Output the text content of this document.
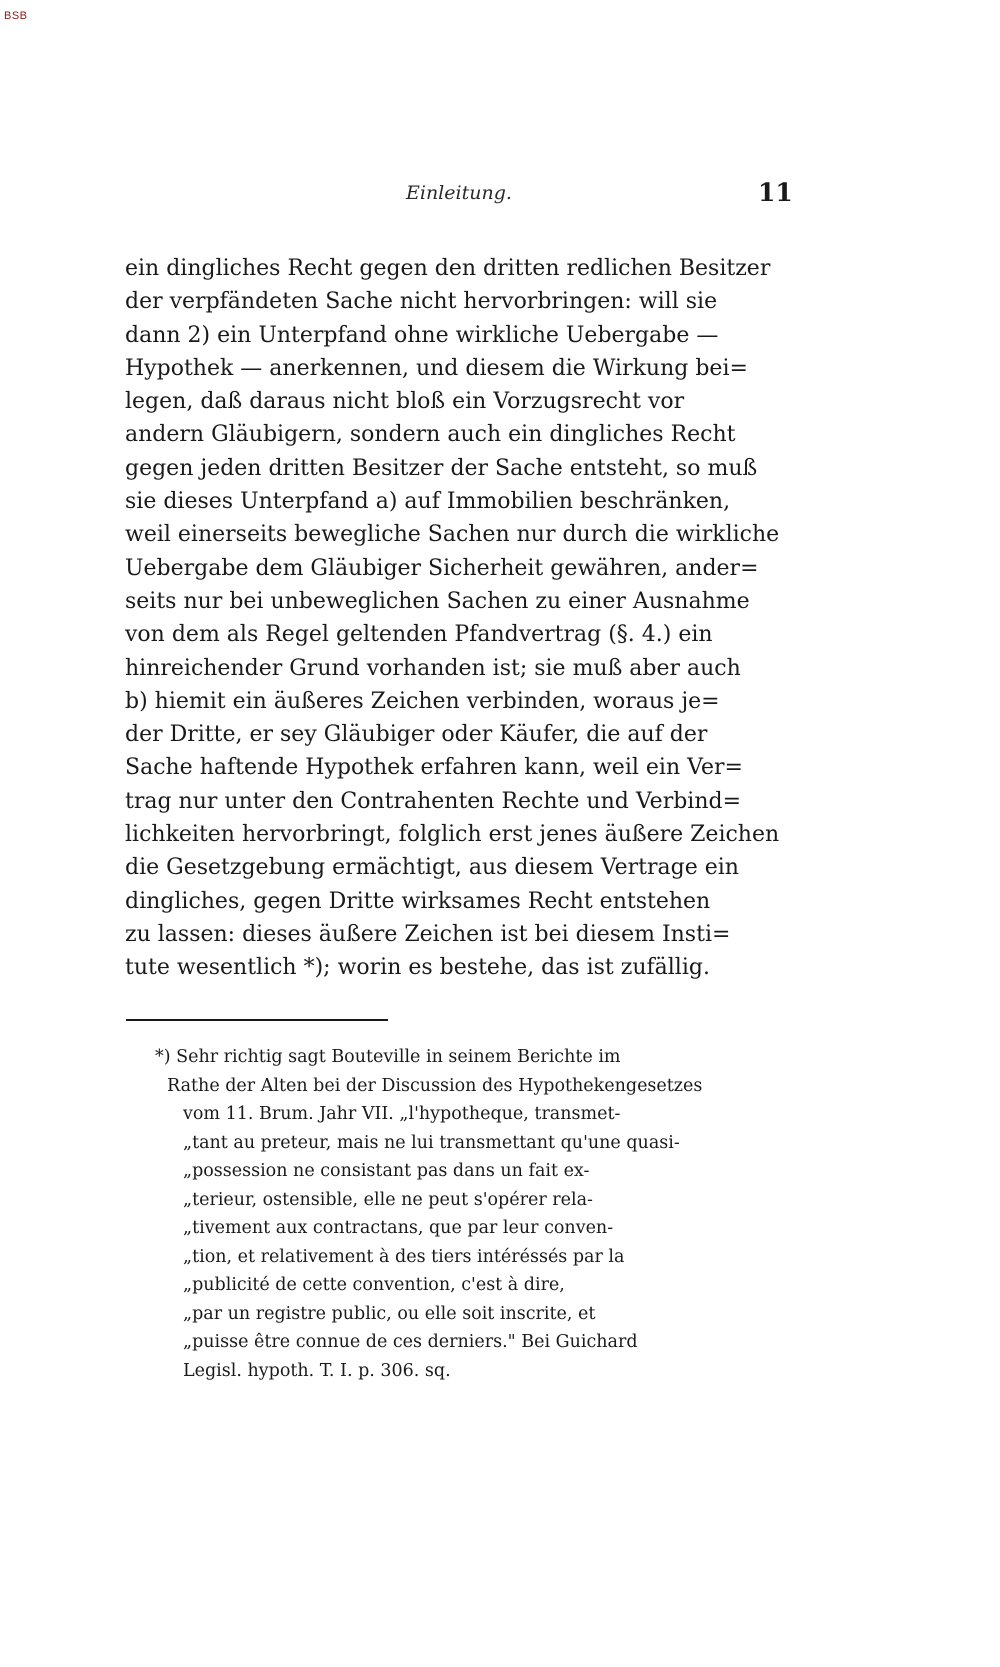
BSB
Einleitung.	11
ein dingliches Recht gegen den dritten redlichen Besitzer
der verpfändeten Sache nicht hervorbringen: will sie
dann 2) ein Unterpfand ohne wirkliche Uebergabe —
Hypothek — anerkennen, und diesem die Wirkung bei=
legen, daß daraus nicht bloß ein Vorzugsrecht vor
andern Gläubigern, sondern auch ein dingliches Recht
gegen jeden dritten Besitzer der Sache entsteht, so muß
sie dieses Unterpfand a) auf Immobilien beschränken,
weil einerseits bewegliche Sachen nur durch die wirkliche
Uebergabe dem Gläubiger Sicherheit gewähren, ander=
seits nur bei unbeweglichen Sachen zu einer Ausnahme
von dem als Regel geltenden Pfandvertrag (§. 4.) ein
hinreichender Grund vorhanden ist; sie muß aber auch
b) hiemit ein äußeres Zeichen verbinden, woraus je=
der Dritte, er sey Gläubiger oder Käufer, die auf der
Sache haftende Hypothek erfahren kann, weil ein Ver=
trag nur unter den Contrahenten Rechte und Verbind=
lichkeiten hervorbringt, folglich erst jenes äußere Zeichen
die Gesetzgebung ermächtigt, aus diesem Vertrage ein
dingliches, gegen Dritte wirksames Recht entstehen
zu lassen: dieses äußere Zeichen ist bei diesem Insti=
tute wesentlich *); worin es bestehe, das ist zufällig.
*) Sehr richtig sagt Bouteville in seinem Berichte im
Rathe der Alten bei der Discussion des Hypothekengesetzes
vom 11. Brum. Jahr VII. „l'hypotheque, transmet-
„tant au preteur, mais ne lui transmettant qu'une quasi-
„possession ne consistant pas dans un fait ex-
„terieur, ostensible, elle ne peut s'opérer rela-
„tivement aux contractans, que par leur conven-
„tion, et relativement à des tiers intéréssés par la
„publicité de cette convention, c'est à dire,
„par un registre public, ou elle soit inscrite, et
„puisse être connue de ces derniers." Bei Guichard
Legisl. hypoth. T. I. p. 306. sq.
